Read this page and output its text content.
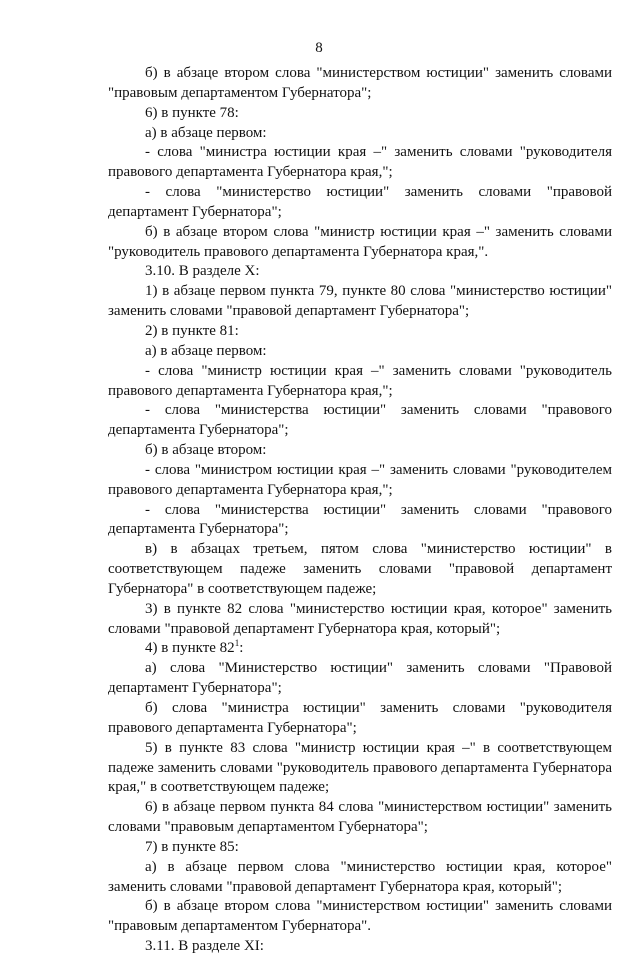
8

б) в абзаце втором слова "министерством юстиции" заменить словами "правовым департаментом Губернатора";

6) в пункте 78:

а) в абзаце первом:

- слова "министра юстиции края –" заменить словами "руководителя правового департамента Губернатора края,";

- слова "министерство юстиции" заменить словами "правовой департамент Губернатора";

б) в абзаце втором слова "министр юстиции края –" заменить словами "руководитель правового департамента Губернатора края,".

3.10. В разделе X:

1) в абзаце первом пункта 79, пункте 80 слова "министерство юстиции" заменить словами "правовой департамент Губернатора";

2) в пункте 81:

а) в абзаце первом:

- слова "министр юстиции края –" заменить словами "руководитель правового департамента Губернатора края,";

- слова "министерства юстиции" заменить словами "правового департамента Губернатора";

б) в абзаце втором:

- слова "министром юстиции края –" заменить словами "руководителем правового департамента Губернатора края,";

- слова "министерства юстиции" заменить словами "правового департамента Губернатора";

в) в абзацах третьем, пятом слова "министерство юстиции" в соответствующем падеже заменить словами "правовой департамент Губернатора" в соответствующем падеже;

3) в пункте 82 слова "министерство юстиции края, которое" заменить словами "правовой департамент Губернатора края, который";

4) в пункте $82^1$:

а) слова "Министерство юстиции" заменить словами "Правовой департамент Губернатора";

б) слова "министра юстиции" заменить словами "руководителя правового департамента Губернатора";

5) в пункте 83 слова "министр юстиции края –" в соответствующем падеже заменить словами "руководитель правового департамента Губернатора края," в соответствующем падеже;

6) в абзаце первом пункта 84 слова "министерством юстиции" заменить словами "правовым департаментом Губернатора";

7) в пункте 85:

а) в абзаце первом слова "министерство юстиции края, которое" заменить словами "правовой департамент Губернатора края, который";

б) в абзаце втором слова "министерством юстиции" заменить словами "правовым департаментом Губернатора".

3.11. В разделе XI:
